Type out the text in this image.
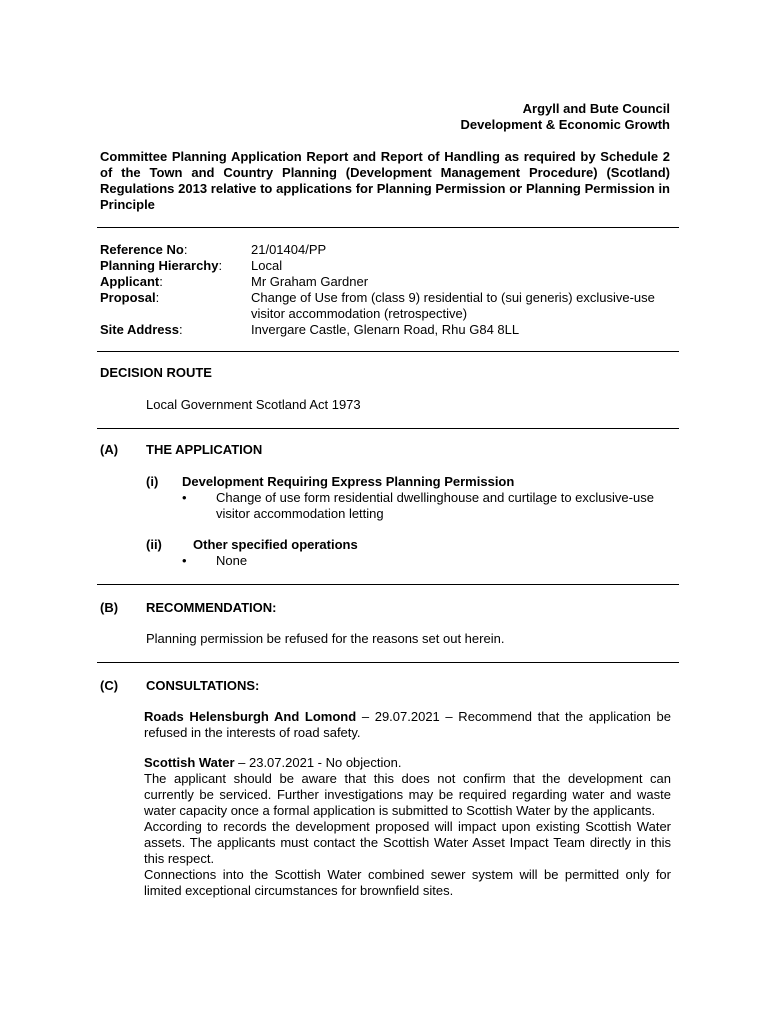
Argyll and Bute Council
Development & Economic Growth
Committee Planning Application Report and Report of Handling as required by Schedule 2 of the Town and Country Planning (Development Management Procedure) (Scotland) Regulations 2013 relative to applications for Planning Permission or Planning Permission in Principle
Reference No:	21/01404/PP
Planning Hierarchy:	Local
Applicant:	Mr Graham Gardner
Proposal:	Change of Use from (class 9) residential to (sui generis) exclusive-use visitor accommodation (retrospective)
Site Address:	Invergare Castle, Glenarn Road, Rhu G84 8LL
DECISION ROUTE
Local Government Scotland Act 1973
(A) THE APPLICATION
(i) Development Requiring Express Planning Permission
•	Change of use form residential dwellinghouse and curtilage to exclusive-use visitor accommodation letting
(ii) Other specified operations
•	None
(B) RECOMMENDATION:
Planning permission be refused for the reasons set out herein.
(C) CONSULTATIONS:
Roads Helensburgh And Lomond – 29.07.2021 – Recommend that the application be refused in the interests of road safety.
Scottish Water – 23.07.2021 - No objection.
The applicant should be aware that this does not confirm that the development can currently be serviced. Further investigations may be required regarding water and waste water capacity once a formal application is submitted to Scottish Water by the applicants.
According to records the development proposed will impact upon existing Scottish Water assets. The applicants must contact the Scottish Water Asset Impact Team directly in this this respect.
Connections into the Scottish Water combined sewer system will be permitted only for limited exceptional circumstances for brownfield sites.
